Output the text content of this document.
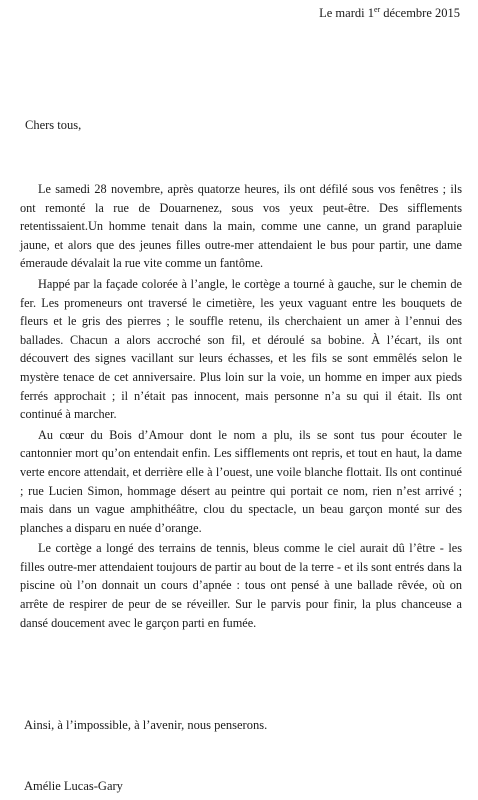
Le mardi 1er décembre 2015
Chers tous,

Le samedi 28 novembre, après quatorze heures, ils ont défilé sous vos fenêtres ; ils ont remonté la rue de Douarnenez, sous vos yeux peut-être. Des sifflements retentissaient.Un homme tenait dans la main, comme une canne, un grand parapluie jaune, et alors que des jeunes filles outre-mer attendaient le bus pour partir, une dame émeraude dévalait la rue vite comme un fantôme.

Happé par la façade colorée à l’angle, le cortège a tourné à gauche, sur le chemin de fer. Les promeneurs ont traversé le cimetière, les yeux vaguant entre les bouquets de fleurs et le gris des pierres ; le souffle retenu, ils cherchaient un amer à l’ennui des ballades. Chacun a alors accroché son fil, et déroulé sa bobine. À l’écart, ils ont découvert des signes vacillant sur leurs échasses, et les fils se sont emmêlés selon le mystère tenace de cet anniversaire. Plus loin sur la voie, un homme en imper aux pieds ferrés approchait ; il n’était pas innocent, mais personne n’a su qui il était. Ils ont continué à marcher.

Au cœur du Bois d’Amour dont le nom a plu, ils se sont tus pour écouter le cantonnier mort qu’on entendait enfin. Les sifflements ont repris, et tout en haut, la dame verte encore attendait, et derrière elle à l’ouest, une voile blanche flottait. Ils ont continué ; rue Lucien Simon, hommage désert au peintre qui portait ce nom, rien n’est arrivé ; mais dans un vague amphithéâtre, clou du spectacle, un beau garçon monté sur des planches a disparu en nuée d’orange.

Le cortège a longé des terrains de tennis, bleus comme le ciel aurait dû l’être - les filles outre-mer attendaient toujours de partir au bout de la terre - et ils sont entrés dans la piscine où l’on donnait un cours d’apnée : tous ont pensé à une ballade rêvée, où on arrête de respirer de peur de se réveiller. Sur le parvis pour finir, la plus chanceuse a dansé doucement avec le garçon parti en fumée.

Ainsi, à l’impossible, à l’avenir, nous penserons.
Amélie Lucas-Gary
